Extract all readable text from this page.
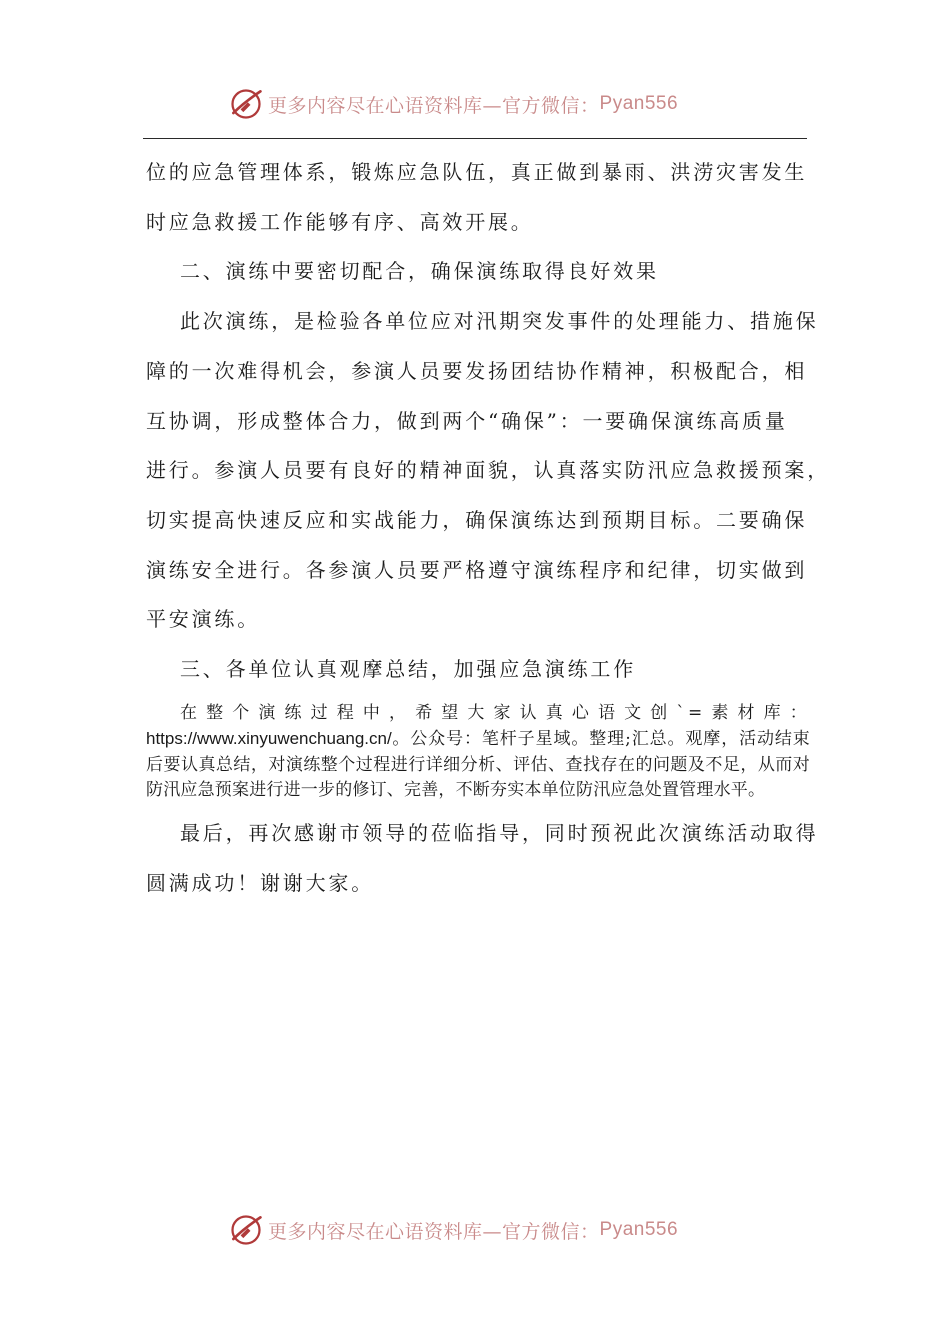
更多内容尽在心语资料库—官方微信： Pyan556

位的应急管理体系，锻炼应急队伍，真正做到暴雨、洪涝灾害发生

时应急救援工作能够有序、高效开展。

二、演练中要密切配合，确保演练取得良好效果

此次演练，是检验各单位应对汛期突发事件的处理能力、措施保

障的一次难得机会，参演人员要发扬团结协作精神，积极配合，相

互协调，形成整体合力，做到两个“确保”：一要确保演练高质量

进行。参演人员要有良好的精神面貌，认真落实防汛应急救援预案，

切实提高快速反应和实战能力，确保演练达到预期目标。二要确保

演练安全进行。各参演人员要严格遵守演练程序和纪律，切实做到

平安演练。

三、各单位认真观摩总结，加强应急演练工作

在整个演练过程中，希望大家认真心语文创`=素材库：https://www.xinyuwenchuang.cn/。公众号：笔杆子星域。整理;汇总。观摩，活动结束后要认真总结，对演练整个过程进行详细分析、评估、查找存在的问题及不足，从而对防汛应急预案进行进一步的修订、完善，不断夯实本单位防汛应急处置管理水平。

最后，再次感谢市领导的莅临指导，同时预祝此次演练活动取得

圆满成功！谢谢大家。

更多内容尽在心语资料库—官方微信： Pyan556
